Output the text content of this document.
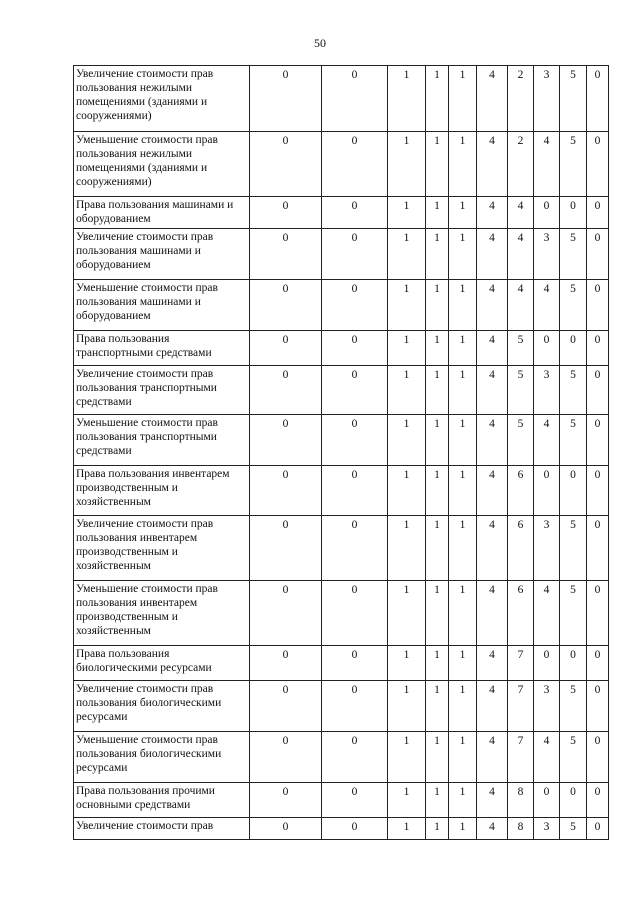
50
Увеличение стоимости прав пользования нежилыми помещениями (зданиями и сооружениями)	0	0	1	1	1	4	2	3	5	0
Уменьшение стоимости прав пользования нежилыми помещениями (зданиями и сооружениями)	0	0	1	1	1	4	2	4	5	0
Права пользования машинами и оборудованием	0	0	1	1	1	4	4	0	0	0
Увеличение стоимости прав пользования машинами и оборудованием	0	0	1	1	1	4	4	3	5	0
Уменьшение стоимости прав пользования машинами и оборудованием	0	0	1	1	1	4	4	4	5	0
Права пользования транспортными средствами	0	0	1	1	1	4	5	0	0	0
Увеличение стоимости прав пользования транспортными средствами	0	0	1	1	1	4	5	3	5	0
Уменьшение стоимости прав пользования транспортными средствами	0	0	1	1	1	4	5	4	5	0
Права пользования инвентарем производственным и хозяйственным	0	0	1	1	1	4	6	0	0	0
Увеличение стоимости прав пользования инвентарем производственным и хозяйственным	0	0	1	1	1	4	6	3	5	0
Уменьшение стоимости прав пользования инвентарем производственным и хозяйственным	0	0	1	1	1	4	6	4	5	0
Права пользования биологическими ресурсами	0	0	1	1	1	4	7	0	0	0
Увеличение стоимости прав пользования биологическими ресурсами	0	0	1	1	1	4	7	3	5	0
Уменьшение стоимости прав пользования биологическими ресурсами	0	0	1	1	1	4	7	4	5	0
Права пользования прочими основными средствами	0	0	1	1	1	4	8	0	0	0
Увеличение стоимости прав	0	0	1	1	1	4	8	3	5	0
